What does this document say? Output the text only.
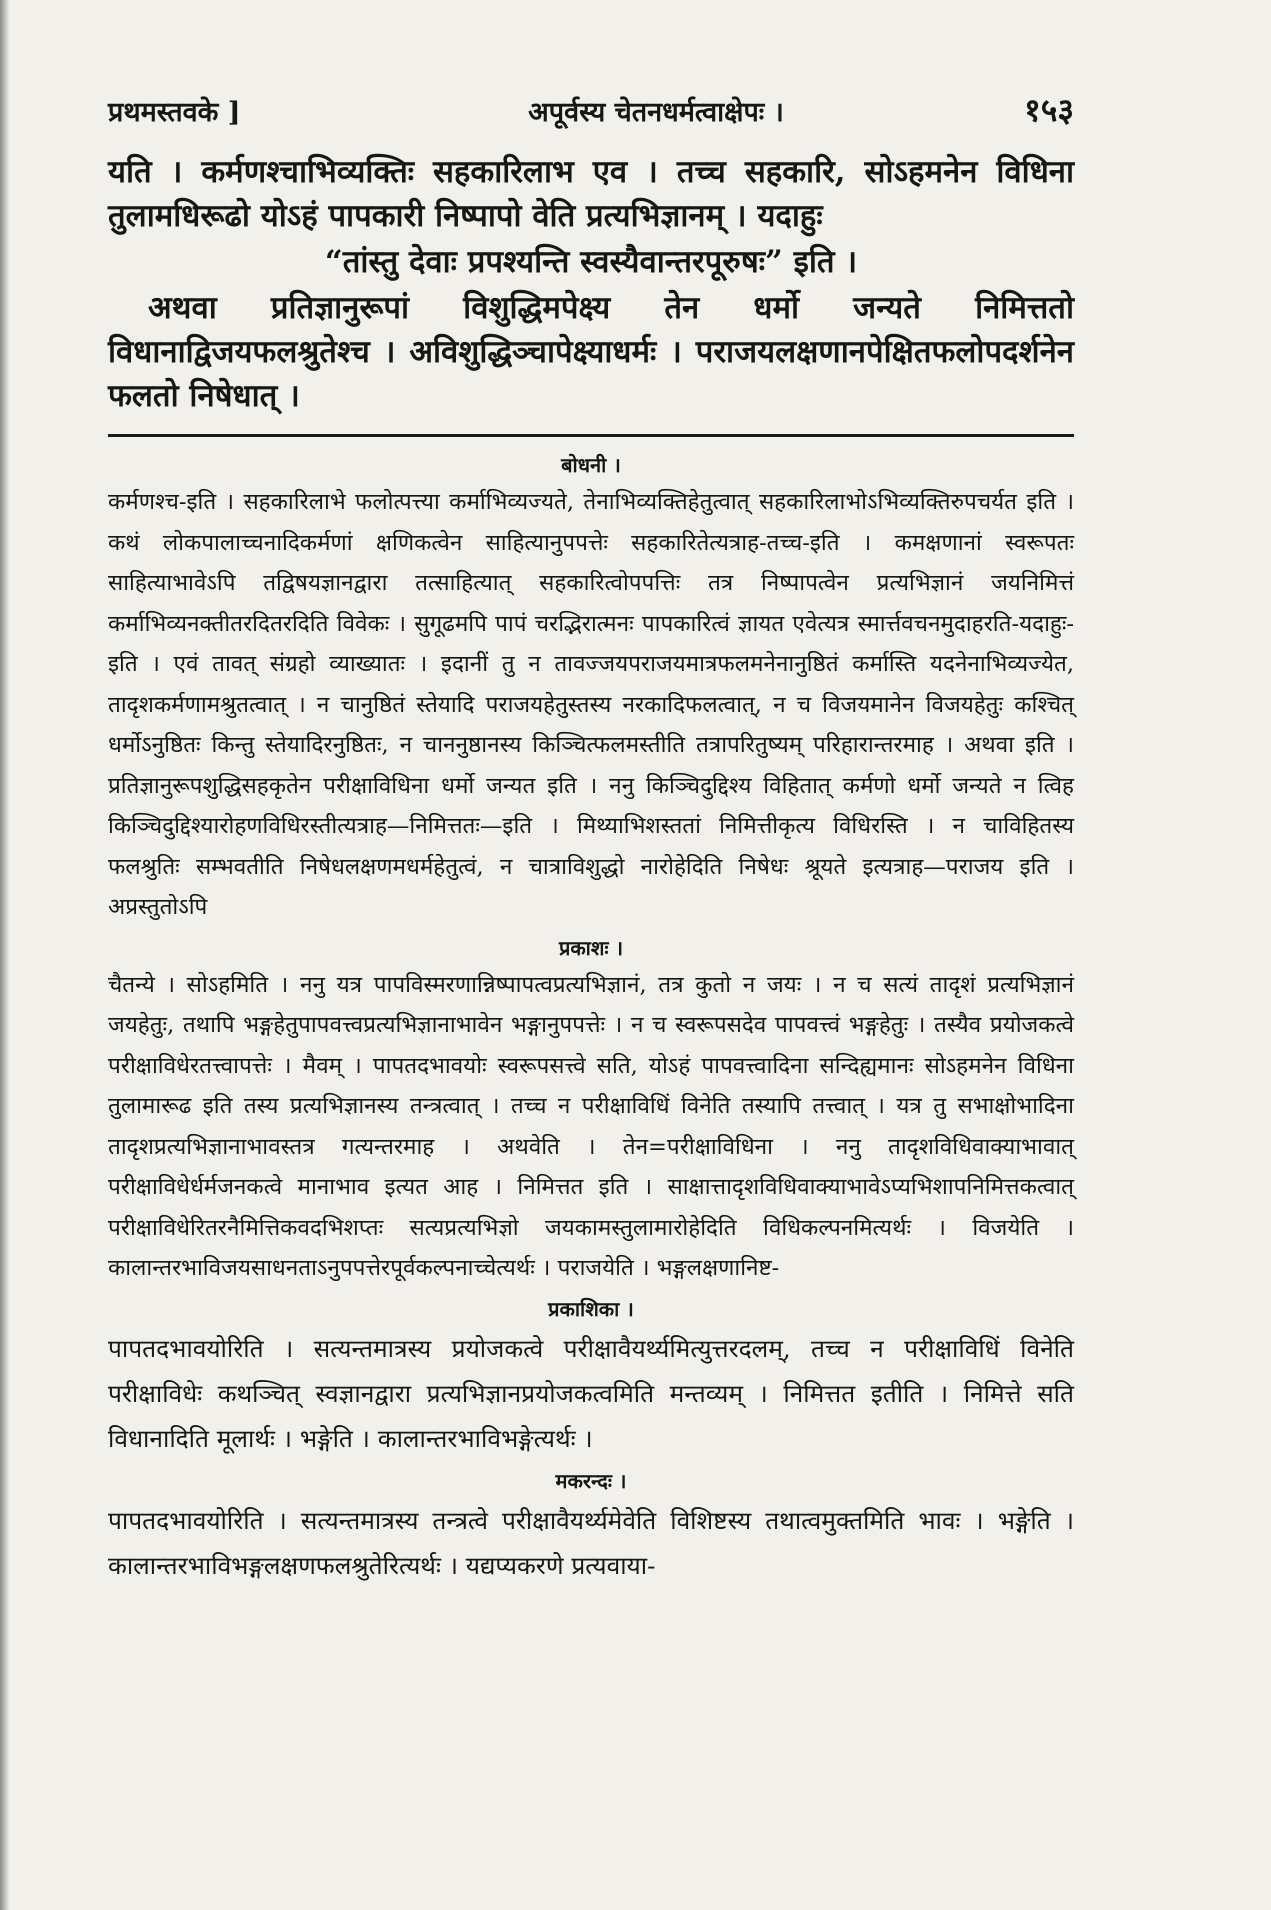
प्रथमस्तवके ]	अपूर्वस्य चेतनधर्मत्वाक्षेपः ।	१५३

यति । कर्मणश्चाभिव्यक्तिः सहकारिलाभ एव । तच्च सहकारि, सोऽहमनेन विधिना तुलामधिरूढो योऽहं पापकारी निष्पापो वेति प्रत्यभिज्ञानम् । यदाहुः

“तांस्तु देवाः प्रपश्यन्ति स्वस्यैवान्तरपूरुषः” इति ।

अथवा प्रतिज्ञानुरूपां विशुद्धिमपेक्ष्य तेन धर्मो जन्यते निमित्ततो विधानाद्विजयफलश्रुतेश्च । अविशुद्धिञ्चापेक्ष्याधर्मः । पराजयलक्षणानपेक्षितफलोपदर्शनेन फलतो निषेधात् ।

बोधनी ।

कर्मणश्च-इति । सहकारिलाभे फलोत्पत्त्या कर्माभिव्यज्यते, तेनाभिव्यक्तिहेतुत्वात् सहकारिलाभोऽभिव्यक्तिरुपचर्यत इति । कथं लोकपालाच्चनादिकर्मणां क्षणिकत्वेन साहित्यानुपपत्तेः सहकारितेत्यत्राह-तच्च-इति । कमक्षणानां स्वरूपतः साहित्याभावेऽपि तद्विषयज्ञानद्वारा तत्साहित्यात् सहकारित्वोपपत्तिः तत्र निष्पापत्वेन प्रत्यभिज्ञानं जयनिमित्तं कर्माभिव्यनक्तीतरदितरदिति विवेकः । सुगूढमपि पापं चरद्भिरात्मनः पापकारित्वं ज्ञायत एवेत्यत्र स्मार्त्तवचनमुदाहरति-यदाहुः-इति । एवं तावत् संग्रहो व्याख्यातः । इदानीं तु न तावज्जयपराजयमात्रफलमनेनानुष्ठितं कर्मास्ति यदनेनाभिव्यज्येत, तादृशकर्मणामश्रुतत्वात् । न चानुष्ठितं स्तेयादि पराजयहेतुस्तस्य नरकादिफलत्वात्, न च विजयमानेन विजयहेतुः कश्चित् धर्मोऽनुष्ठितः किन्तु स्तेयादिरनुष्ठितः, न चाननुष्ठानस्य किञ्चित्फलमस्तीति तत्रापरितुष्यम् परिहारान्तरमाह । अथवा इति । प्रतिज्ञानुरूपशुद्धिसहकृतेन परीक्षाविधिना धर्मो जन्यत इति । ननु किञ्चिदुद्दिश्य विहितात् कर्मणो धर्मो जन्यते न त्विह किञ्चिदुद्दिश्यारोहणविधिरस्तीत्यत्राह—निमित्ततः—इति । मिथ्याभिशस्ततां निमित्तीकृत्य विधिरस्ति । न चाविहितस्य फलश्रुतिः सम्भवतीति निषेधलक्षणमधर्महेतुत्वं, न चात्राविशुद्धो नारोहेदिति निषेधः श्रूयते इत्यत्राह—पराजय इति । अप्रस्तुतोऽपि

प्रकाशः ।

चैतन्ये । सोऽहमिति । ननु यत्र पापविस्मरणान्निष्पापत्वप्रत्यभिज्ञानं, तत्र कुतो न जयः । न च सत्यं तादृशं प्रत्यभिज्ञानं जयहेतुः, तथापि भङ्गहेतुपापवत्त्वप्रत्यभिज्ञानाभावेन भङ्गानुपपत्तेः । न च स्वरूपसदेव पापवत्त्वं भङ्गहेतुः । तस्यैव प्रयोजकत्वे परीक्षाविधेरतत्त्वापत्तेः । मैवम् । पापतदभावयोः स्वरूपसत्त्वे सति, योऽहं पापवत्त्वादिना सन्दिह्यमानः सोऽहमनेन विधिना तुलामारूढ इति तस्य प्रत्यभिज्ञानस्य तन्त्रत्वात् । तच्च न परीक्षाविधिं विनेति तस्यापि तत्त्वात् । यत्र तु सभाक्षोभादिना तादृशप्रत्यभिज्ञानाभावस्तत्र गत्यन्तरमाह । अथवेति । तेन=परीक्षाविधिना । ननु तादृशविधिवाक्याभावात् परीक्षाविधेर्धर्मजनकत्वे मानाभाव इत्यत आह । निमित्तत इति । साक्षात्तादृशविधिवाक्याभावेऽप्यभिशापनिमित्तकत्वात् परीक्षाविधेरितरनैमित्तिकवदभिशप्तः सत्यप्रत्यभिज्ञो जयकामस्तुलामारोहेदिति विधिकल्पनमित्यर्थः । विजयेति । कालान्तरभाविजयसाधनताऽनुपपत्तेरपूर्वकल्पनाच्चेत्यर्थः । पराजयेति । भङ्गलक्षणानिष्ट-

प्रकाशिका ।

पापतदभावयोरिति । सत्यन्तमात्रस्य प्रयोजकत्वे परीक्षावैयर्थ्यमित्युत्तरदलम्, तच्च न परीक्षाविधिं विनेति परीक्षाविधेः कथञ्चित् स्वज्ञानद्वारा प्रत्यभिज्ञानप्रयोजकत्वमिति मन्तव्यम् । निमित्तत इतीति । निमित्ते सति विधानादिति मूलार्थः । भङ्गेति । कालान्तरभाविभङ्गेत्यर्थः ।

मकरन्दः ।

पापतदभावयोरिति । सत्यन्तमात्रस्य तन्त्रत्वे परीक्षावैयर्थ्यमेवेति विशिष्टस्य तथात्वमुक्तमिति भावः । भङ्गेति । कालान्तरभाविभङ्गलक्षणफलश्रुतेरित्यर्थः । यद्यप्यकरणे प्रत्यवाया-
